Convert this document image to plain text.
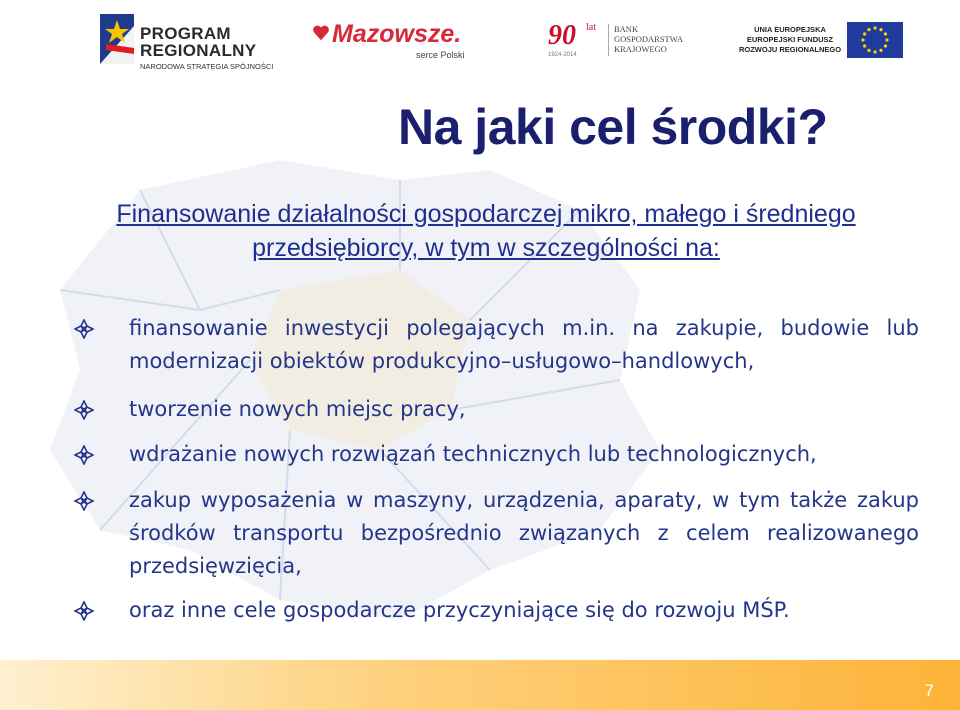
PROGRAM
REGIONALNY
NARODOWA STRATEGIA SPÓJNOŚCI
Mazowsze.
serce Polski
90 lat
1924-2014
BANK
GOSPODARSTWA
KRAJOWEGO
UNIA EUROPEJSKA
EUROPEJSKI FUNDUSZ
ROZWOJU REGIONALNEGO
Na jaki cel środki?
Finansowanie działalności gospodarczej mikro, małego i średniego przedsiębiorcy, w tym w szczególności na:
finansowanie inwestycji polegających m.in. na zakupie, budowie lub modernizacji obiektów produkcyjno–usługowo–handlowych,
tworzenie nowych miejsc pracy,
wdrażanie nowych rozwiązań technicznych lub technologicznych,
zakup wyposażenia w maszyny, urządzenia, aparaty, w tym także zakup środków transportu bezpośrednio związanych z celem realizowanego przedsięwzięcia,
oraz inne cele gospodarcze przyczyniające się do rozwoju MŚP.
7
